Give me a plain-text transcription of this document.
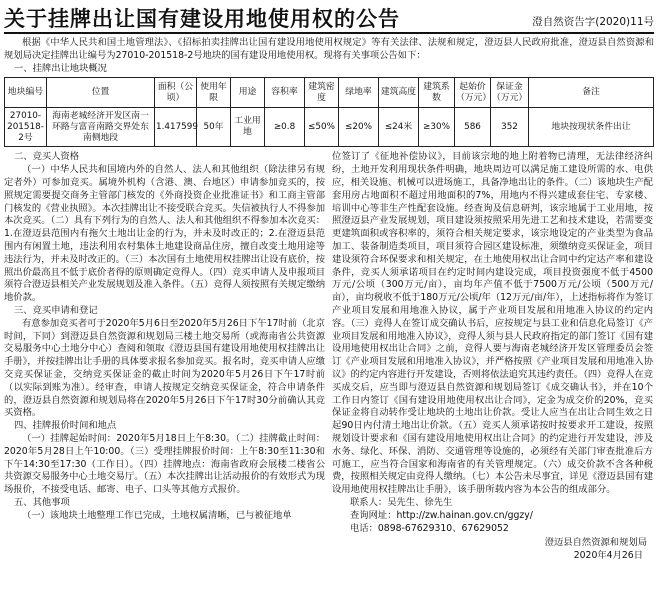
关于挂牌出让国有建设用地使用权的公告	澄自然资告字(2020)11号

根据《中华人民共和国土地管理法》、《招标拍卖挂牌出让国有建设用地使用权规定》等有关法律、法规和规定，澄迈县人民政府批准，澄迈县自然资源和规划局决定挂牌出让编号为27010-201518-2号地块的国有建设用地使用权。现将有关事项公告如下：

一、挂牌出让地块概况

地块编号	位置	面积（公顷）	使用年限	用途	容积率	建筑密度	绿地率	建筑高度	建筑系数	起始价（万元）	保证金（万元）	备注
27010-201518-2号	海南老城经济开发区南一环路与富音南路交界处东南侧地段	1.417599	50年	工业用地	≥0.8	≤50%	≤20%	≤24米	≥30%	586	352	地块按现状条件出让

二、竞买人资格

（一）中华人民共和国境内外的自然人、法人和其他组织（除法律另有规定者外）可参加竞买。属境外机构（含港、澳、台地区）申请参加竞买的，按照规定需要提交商务主管部门核发的《外商投资企业批准证书》和工商主管部门核发的《营业执照》。本次挂牌出让不接受联合竞买。失信被执行人不得参加本次竞买。（二）具有下列行为的自然人、法人和其他组织不得参加本次竞买：1.在澄迈县范围内有拖欠土地出让金的行为，并未及时改正的；2.在澄迈县范围内有闲置土地，违法利用农村集体土地建设商品住房，擅自改变土地用途等违法行为，并未及时改正的。（三）本次国有土地使用权挂牌出让设有底价，按照出价最高且不低于底价者得的原则确定竞得人。（四）竞买申请人及申报项目须符合澄迈县相关产业发展规划及准入条件。（五）竞得人须按照有关规定缴纳地价款。

三、竞买申请和登记

有意参加竞买者可于2020年5月6日至2020年5月26日下午17时前（北京时间，下同）到澄迈县自然资源和规划局三楼土地交易所（或海南省公共资源交易服务中心土地分中心）查阅和领取《澄迈县国有建设用地使用权挂牌出让手册》，并按挂牌出让手册的具体要求报名参加竞买。报名时，竞买申请人应缴交竞买保证金，交纳竞买保证金的截止时间为2020年5月26日下午17时前（以实际到账为准）。经审查，申请人按规定交纳竞买保证金，符合申请条件的，澄迈县自然资源和规划局将在2020年5月26日下午17时30分前确认其竞买资格。

四、挂牌报价时间和地点

（一）挂牌起始时间：2020年5月18日上午8:30。（二）挂牌截止时间：2020年5月28日上午10:00。（三）受理挂牌报价时间：上午8:30至11:30和下午14:30至17:30（工作日）。（四）挂牌地点：海南省政府会展楼二楼省公共资源交易服务中心土地交易厅。（五）本次挂牌出让活动报价的有效形式为现场报价，不接受电话、邮寄、电子、口头等其他方式报价。

五、其他事项

（一）该地块土地整理工作已完成，土地权属清晰，已与被征地单

位签订了《征地补偿协议》，目前该宗地的地上附着物已清理，无法律经济纠纷，土地开发利用现状条件明确，地块周边可以满足施工建设所需的水、电供应，相关设施、机械可以进场施工，具备净地出让的条件。（二）该地块生产配套用房占地面积不超过用地面积的7%，用地内不得兴建成套住宅、专家楼、培训中心等非生产性配套设施。经查询及信息研判，该宗地属于工业用地，按照澄迈县产业发展规划，项目建设须按照采用先进工艺和技术建设，若需要变更建筑面积或容积率的，须符合相关规定要求，该宗地设定的产业类型为食品加工、装备制造类项目，项目须符合园区建设标准，须缴纳竞买保证金，项目建设须符合环保要求和相关规定，在土地使用权出让合同中约定达产率和建设条件，竞买人须承诺项目在约定时间内建设完成，项目投资强度不低于4500万元/公顷（300万元/亩），亩均年产值不低于7500万元/公顷（500万元/亩），亩均税收不低于180万元/公顷/年（12万元/亩/年），上述指标将作为签订产业项目发展和用地准入协议，属于产业项目发展和用地准入协议的约定内容。（三）竞得人在签订成交确认书后，应按规定与县工业和信息化局签订《产业项目发展和用地准入协议》，竞得人须与县人民政府指定的部门签订《国有建设用地使用权出让合同》之前，竞得人要与海南老城经济开发区管理委员会签订《产业项目发展和用地准入协议》，并严格按照《产业项目发展和用地准入协议》的约定内容进行开发建设，否则将依法追究其违约责任。（四）竞得人在竞买成交后，应当即与澄迈县自然资源和规划局签订《成交确认书》，并在10个工作日内签订《国有建设用地使用权出让合同》，定金为成交价的20%，竞买保证金将自动转作受让地块的土地出让价款。受让人应当在出让合同生效之日起90日内付清土地出让价款。（五）竞买人须承诺按时按要求开工建设，按照规划设计要求和《国有建设用地使用权出让合同》的约定进行开发建设，涉及水务、绿化、环保、消防、交通管理等设施的，必须经有关部门审查批准后方可施工，应当符合国家和海南省的有关管理规定。（六）成交价款不含各种税费，按照相关规定由竞得人缴纳。（七）本公告未尽事宜，详见《澄迈县国有建设用地使用权挂牌出让手册》，该手册所载内容为本公告的组成部分。

联系人：吴先生、徐先生

查询网址：http://zw.hainan.gov.cn/ggzy/

电话：0898-67629310、67629052

澄迈县自然资源和规划局
2020年4月26日
